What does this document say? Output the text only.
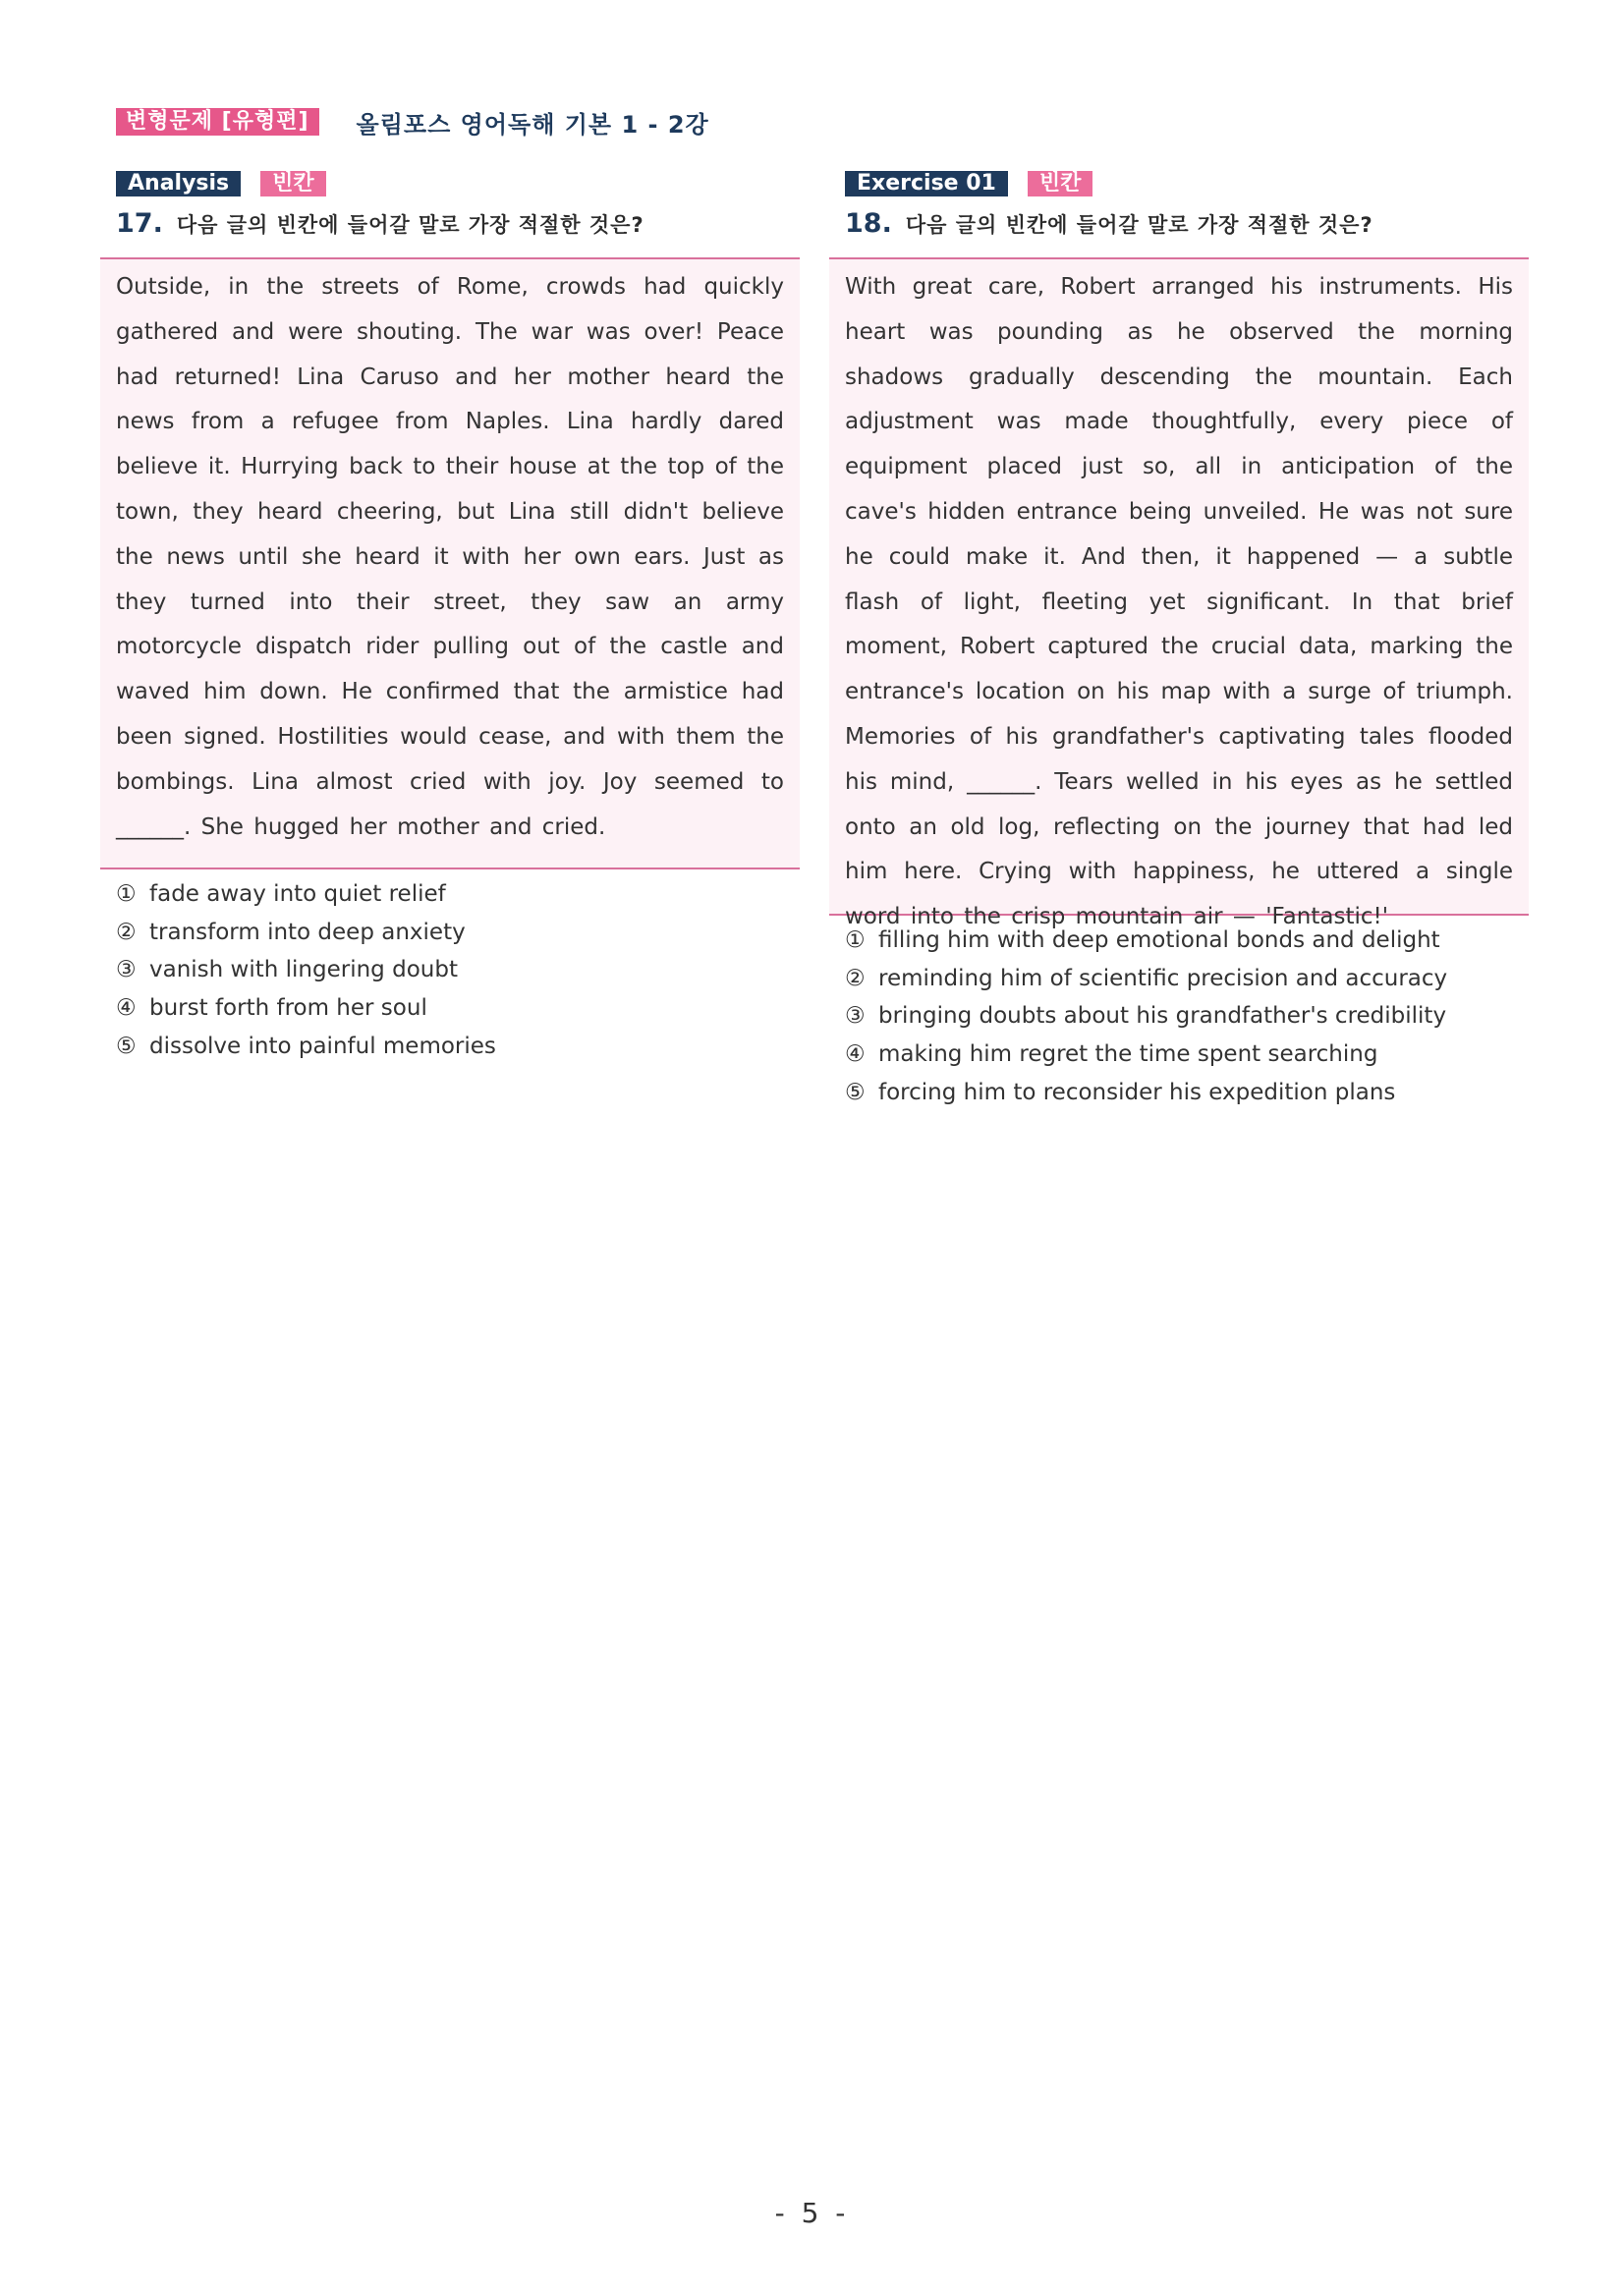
변형문제 [유형편]	올림포스 영어독해 기본 1 - 2강
Analysis	빈칸
17. 다음 글의 빈칸에 들어갈 말로 가장 적절한 것은?

Outside, in the streets of Rome, crowds had quickly gathered and were shouting. The war was over! Peace had returned! Lina Caruso and her mother heard the news from a refugee from Naples. Lina hardly dared believe it. Hurrying back to their house at the top of the town, they heard cheering, but Lina still didn't believe the news until she heard it with her own ears. Just as they turned into their street, they saw an army motorcycle dispatch rider pulling out of the castle and waved him down. He confirmed that the armistice had been signed. Hostilities would cease, and with them the bombings. Lina almost cried with joy. Joy seemed to ______. She hugged her mother and cried.

① fade away into quiet relief
② transform into deep anxiety
③ vanish with lingering doubt
④ burst forth from her soul
⑤ dissolve into painful memories
Exercise 01	빈칸
18. 다음 글의 빈칸에 들어갈 말로 가장 적절한 것은?

With great care, Robert arranged his instruments. His heart was pounding as he observed the morning shadows gradually descending the mountain. Each adjustment was made thoughtfully, every piece of equipment placed just so, all in anticipation of the cave's hidden entrance being unveiled. He was not sure he could make it. And then, it happened — a subtle flash of light, fleeting yet significant. In that brief moment, Robert captured the crucial data, marking the entrance's location on his map with a surge of triumph. Memories of his grandfather's captivating tales flooded his mind, ______. Tears welled in his eyes as he settled onto an old log, reflecting on the journey that had led him here. Crying with happiness, he uttered a single word into the crisp mountain air — 'Fantastic!'

① filling him with deep emotional bonds and delight
② reminding him of scientific precision and accuracy
③ bringing doubts about his grandfather's credibility
④ making him regret the time spent searching
⑤ forcing him to reconsider his expedition plans
- 5 -
